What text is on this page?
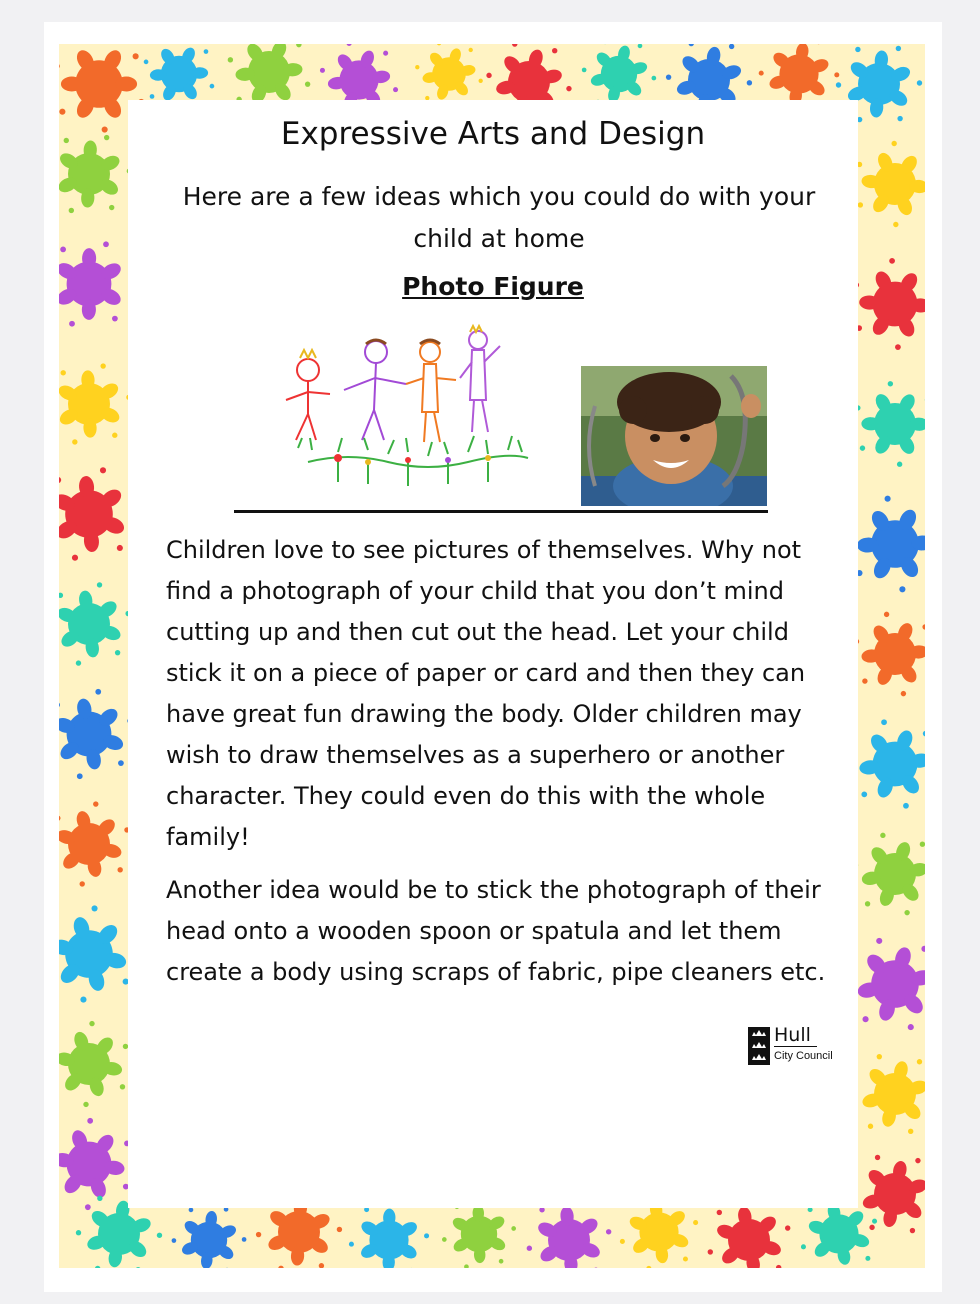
Expressive Arts and Design
Here are a few ideas which you could do with your child at home
Photo Figure

Children love to see pictures of themselves. Why not find a photograph of your child that you don’t mind cutting up and then cut out the head. Let your child stick it on a piece of paper or card and then they can have great fun drawing the body. Older children may wish to draw themselves as a superhero or another character. They could even do this with the whole family!

Another idea would be to stick the photograph of their head onto a wooden spoon or spatula and let them create a body using scraps of fabric, pipe cleaners etc.

Hull
City Council
